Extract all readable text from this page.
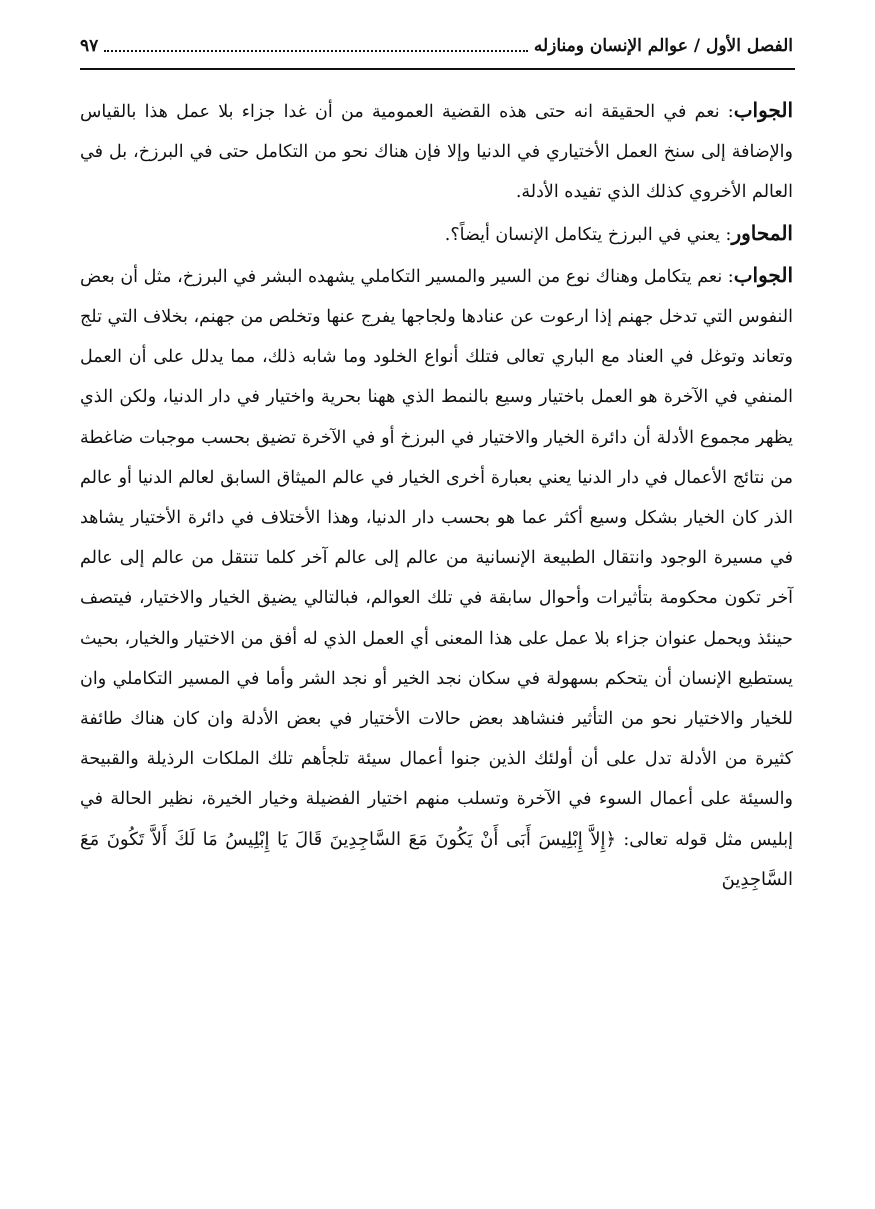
الفصل الأول / عوالم الإنسان ومنازله
٩٧

الجواب: نعم في الحقيقة انه حتى هذه القضية العمومية من أن غدا جزاء بلا عمل هذا بالقياس والإضافة إلى سنخ العمل الأختياري في الدنيا وإلا فإن هناك نحو من التكامل حتى في البرزخ، بل في العالم الأخروي كذلك الذي تفيده الأدلة.

المحاور: يعني في البرزخ يتكامل الإنسان أيضاً؟.

الجواب: نعم يتكامل وهناك نوع من السير والمسير التكاملي يشهده البشر في البرزخ، مثل أن بعض النفوس التي تدخل جهنم إذا ارعوت عن عنادها ولجاجها يفرج عنها وتخلص من جهنم، بخلاف التي تلج وتعاند وتوغل في العناد مع الباري تعالى فتلك أنواع الخلود وما شابه ذلك، مما يدلل على أن العمل المنفي في الآخرة هو العمل باختيار وسيع بالنمط الذي ههنا بحرية واختيار في دار الدنيا، ولكن الذي يظهر مجموع الأدلة أن دائرة الخيار والاختيار في البرزخ أو في الآخرة تضيق بحسب موجبات ضاغطة من نتائج الأعمال في دار الدنيا يعني بعبارة أخرى الخيار في عالم الميثاق السابق لعالم الدنيا أو عالم الذر كان الخيار بشكل وسيع أكثر عما هو بحسب دار الدنيا، وهذا الأختلاف في دائرة الأختيار يشاهد في مسيرة الوجود وانتقال الطبيعة الإنسانية من عالم إلى عالم آخر كلما تنتقل من عالم إلى عالم آخر تكون محكومة بتأثيرات وأحوال سابقة في تلك العوالم، فبالتالي يضيق الخيار والاختيار، فيتصف حينئذ ويحمل عنوان جزاء بلا عمل على هذا المعنى أي العمل الذي له أفق من الاختيار والخيار، بحيث يستطيع الإنسان أن يتحكم بسهولة في سكان نجد الخير أو نجد الشر وأما في المسير التكاملي وان للخيار والاختيار نحو من التأثير فنشاهد بعض حالات الأختيار في بعض الأدلة وان كان هناك طائفة كثيرة من الأدلة تدل على أن أولئك الذين جنوا أعمال سيئة تلجأهم تلك الملكات الرذيلة والقبيحة والسيئة على أعمال السوء في الآخرة وتسلب منهم اختيار الفضيلة وخيار الخيرة، نظير الحالة في إبليس مثل قوله تعالى: ﴿إِلاَّ إِبْلِيسَ أَبَى أَنْ يَكُونَ مَعَ السَّاجِدِينَ قَالَ يَا إِبْلِيسُ مَا لَكَ أَلاَّ تَكُونَ مَعَ السَّاجِدِينَ
